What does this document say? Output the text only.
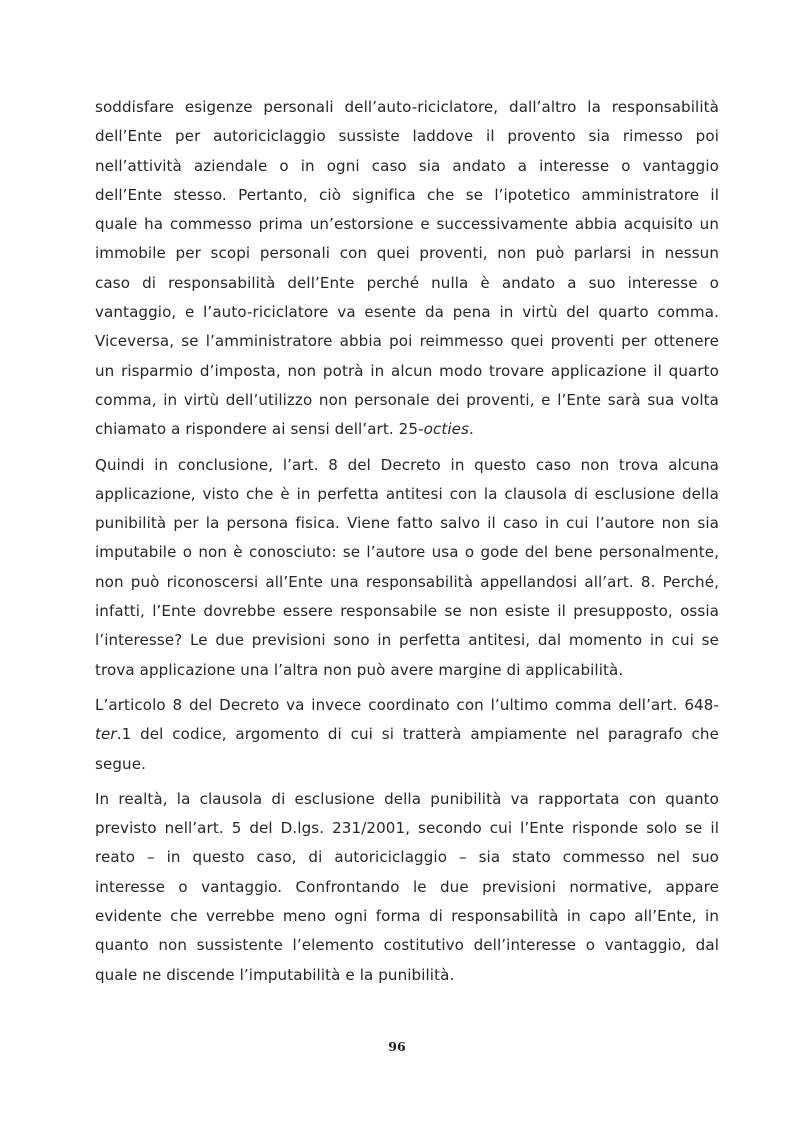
soddisfare esigenze personali dell’auto-riciclatore, dall’altro la responsabilità
dell’Ente per autoriciclaggio sussiste laddove il provento sia rimesso poi
nell’attività aziendale o in ogni caso sia andato a interesse o vantaggio
dell’Ente stesso. Pertanto, ciò significa che se l’ipotetico amministratore il
quale ha commesso prima un’estorsione e successivamente abbia acquisito un
immobile per scopi personali con quei proventi, non può parlarsi in nessun
caso di responsabilità dell’Ente perché nulla è andato a suo interesse o
vantaggio, e l’auto-riciclatore va esente da pena in virtù del quarto comma.
Viceversa, se l’amministratore abbia poi reimmesso quei proventi per ottenere
un risparmio d’imposta, non potrà in alcun modo trovare applicazione il quarto
comma, in virtù dell’utilizzo non personale dei proventi, e l’Ente sarà sua volta
chiamato a rispondere ai sensi dell’art. 25-octies.

Quindi in conclusione, l’art. 8 del Decreto in questo caso non trova alcuna
applicazione, visto che è in perfetta antitesi con la clausola di esclusione della
punibilità per la persona fisica. Viene fatto salvo il caso in cui l’autore non sia
imputabile o non è conosciuto: se l’autore usa o gode del bene personalmente,
non può riconoscersi all’Ente una responsabilità appellandosi all’art. 8. Perché,
infatti, l’Ente dovrebbe essere responsabile se non esiste il presupposto, ossia
l’interesse? Le due previsioni sono in perfetta antitesi, dal momento in cui se
trova applicazione una l’altra non può avere margine di applicabilità.

L’articolo 8 del Decreto va invece coordinato con l’ultimo comma dell’art. 648-
ter.1 del codice, argomento di cui si tratterà ampiamente nel paragrafo che
segue.

In realtà, la clausola di esclusione della punibilità va rapportata con quanto
previsto nell’art. 5 del D.lgs. 231/2001, secondo cui l’Ente risponde solo se il
reato – in questo caso, di autoriciclaggio – sia stato commesso nel suo
interesse o vantaggio. Confrontando le due previsioni normative, appare
evidente che verrebbe meno ogni forma di responsabilità in capo all’Ente, in
quanto non sussistente l’elemento costitutivo dell’interesse o vantaggio, dal
quale ne discende l’imputabilità e la punibilità.

96
